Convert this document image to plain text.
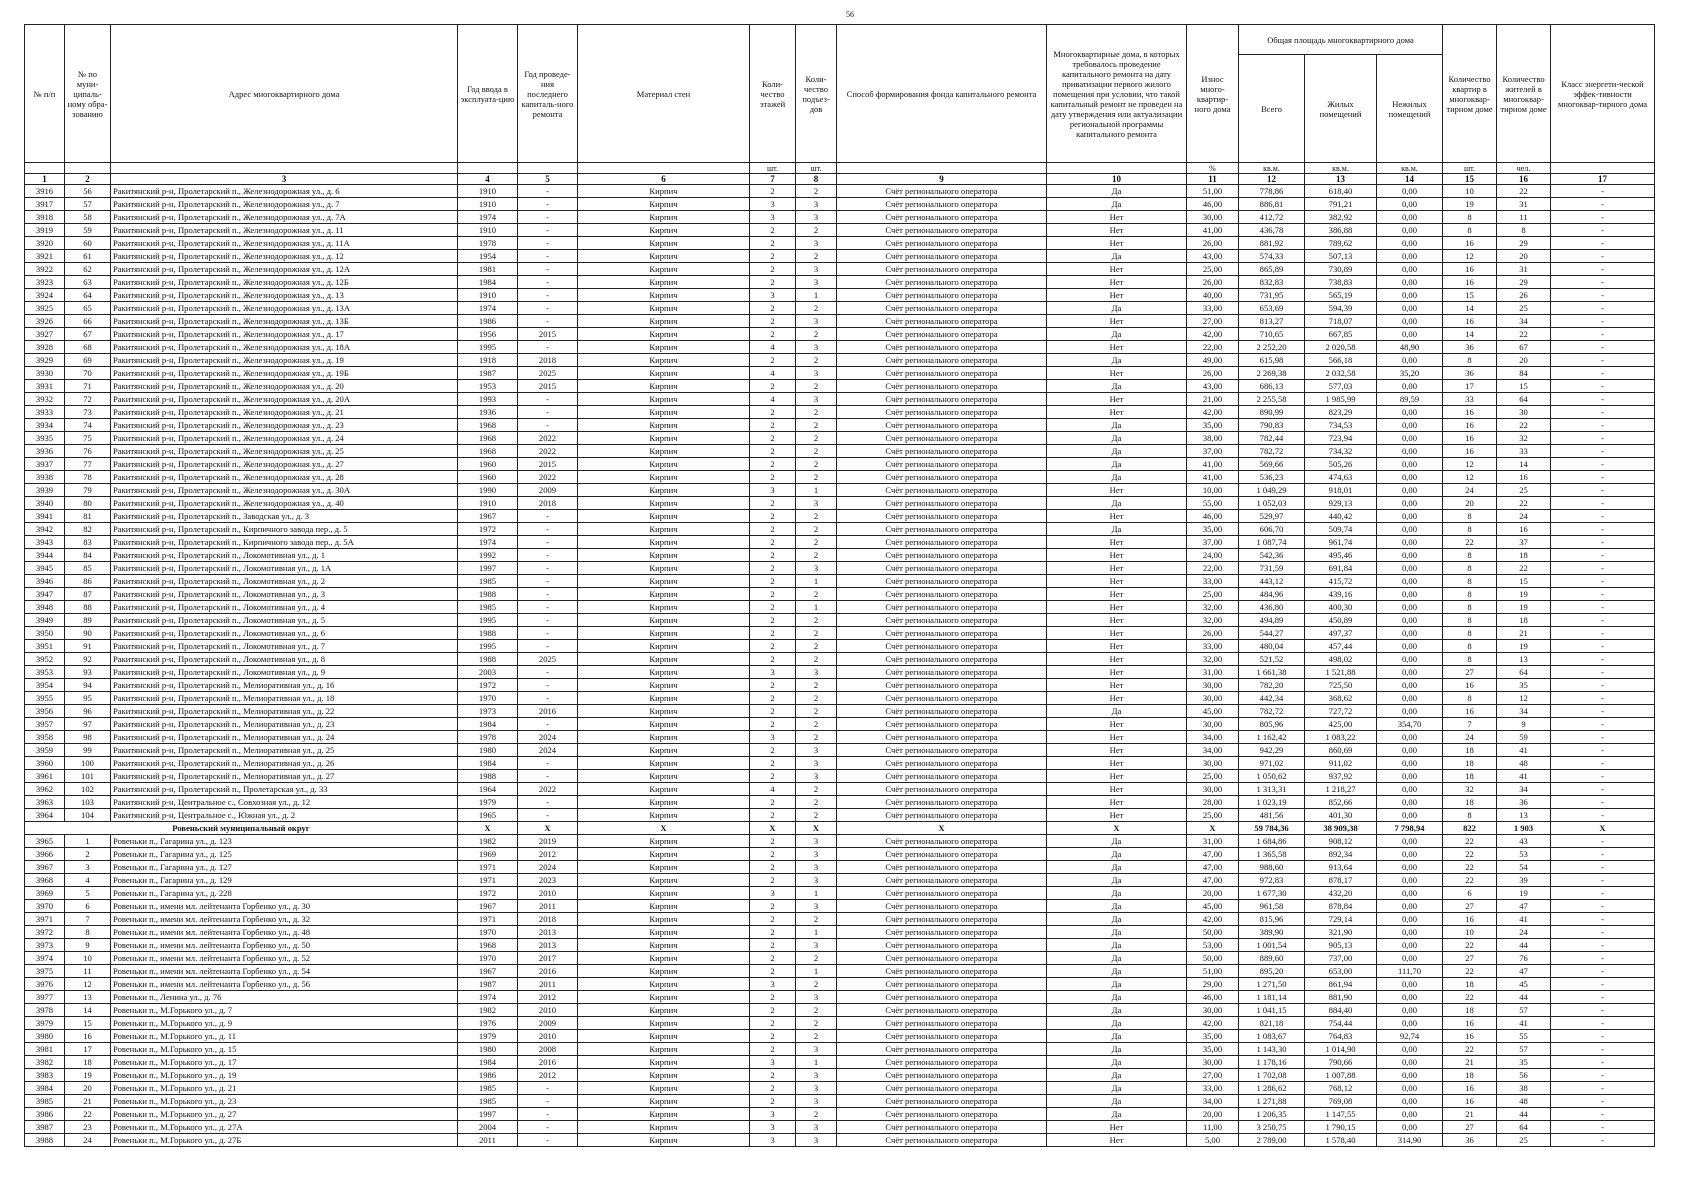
56
№ п/п	№ по муни-ципаль-ному обра-зованию	Адрес многоквартирного дома	Год ввода в эксплуата-цию	Год проведе-ния последнего капиталь-ного ремонта	Материал стен	Коли-чество этажей	Коли-чество подъез-дов	Способ формирования фонда капитального ремонта	Многоквартирные дома, в которых требовалось проведение капитального ремонта на дату приватизации первого жилого помещения при условии, что такой капитальный ремонт не проведен на дату утверждения или актуализации региональной программы капитального ремонта	Износ много-квартир-ного дома	Общая площадь многоквартирного дома			Количество квартир в многоквар-тирном доме	Количество жителей в многоквар-тирном доме	Класс энергети-ческой эффек-тивности многоквар-тирного дома
											Всего	Жилых помещений	Нежилых помещений			
						шт.	шт.			%	кв.м.	кв.м.	кв.м.	шт.	чел.	
1	2	3	4	5	6	7	8	9	10	11	12	13	14	15	16	17
3916	56	Ракитянский р-н, Пролетарский п., Железнодорожная ул., д. 6	1910	-	Кирпич	2	2	Счёт регионального оператора	Да	51,00	778,86	618,40	0,00	10	22	-
3917	57	Ракитянский р-н, Пролетарский п., Железнодорожная ул., д. 7	1910	-	Кирпич	3	3	Счёт регионального оператора	Да	46,00	886,81	791,21	0,00	19	31	-
3918	58	Ракитянский р-н, Пролетарский п., Железнодорожная ул., д. 7А	1974	-	Кирпич	3	3	Счёт регионального оператора	Нет	30,00	412,72	382,92	0,00	8	11	-
3919	59	Ракитянский р-н, Пролетарский п., Железнодорожная ул., д. 11	1910	-	Кирпич	2	2	Счёт регионального оператора	Нет	41,00	436,78	386,88	0,00	8	8	-
3920	60	Ракитянский р-н, Пролетарский п., Железнодорожная ул., д. 11А	1978	-	Кирпич	2	3	Счёт регионального оператора	Нет	26,00	881,92	789,62	0,00	16	29	-
3921	61	Ракитянский р-н, Пролетарский п., Железнодорожная ул., д. 12	1954	-	Кирпич	2	2	Счёт регионального оператора	Да	43,00	574,33	507,13	0,00	12	20	-
3922	62	Ракитянский р-н, Пролетарский п., Железнодорожная ул., д. 12А	1981	-	Кирпич	2	3	Счёт регионального оператора	Нет	25,00	865,89	730,89	0,00	16	31	-
3923	63	Ракитянский р-н, Пролетарский п., Железнодорожная ул., д. 12Б	1984	-	Кирпич	2	3	Счёт регионального оператора	Нет	26,00	832,83	738,83	0,00	16	29	-
3924	64	Ракитянский р-н, Пролетарский п., Железнодорожная ул., д. 13	1910	-	Кирпич	3	1	Счёт регионального оператора	Нет	40,00	731,95	565,19	0,00	15	26	-
3925	65	Ракитянский р-н, Пролетарский п., Железнодорожная ул., д. 13А	1974	-	Кирпич	2	2	Счёт регионального оператора	Да	33,00	653,69	594,39	0,00	14	25	-
3926	66	Ракитянский р-н, Пролетарский п., Железнодорожная ул., д. 13Б	1986	-	Кирпич	2	3	Счёт регионального оператора	Нет	27,00	813,27	718,07	0,00	16	34	-
3927	67	Ракитянский р-н, Пролетарский п., Железнодорожная ул., д. 17	1956	2015	Кирпич	2	2	Счёт регионального оператора	Да	42,00	710,65	667,85	0,00	14	22	-
3928	68	Ракитянский р-н, Пролетарский п., Железнодорожная ул., д. 18А	1995	-	Кирпич	4	3	Счёт регионального оператора	Нет	22,00	2 252,20	2 020,58	48,90	36	67	-
3929	69	Ракитянский р-н, Пролетарский п., Железнодорожная ул., д. 19	1918	2018	Кирпич	2	2	Счёт регионального оператора	Да	49,00	615,98	566,18	0,00	8	20	-
3930	70	Ракитянский р-н, Пролетарский п., Железнодорожная ул., д. 19Б	1987	2025	Кирпич	4	3	Счёт регионального оператора	Нет	26,00	2 269,38	2 032,58	35,20	36	84	-
3931	71	Ракитянский р-н, Пролетарский п., Железнодорожная ул., д. 20	1953	2015	Кирпич	2	2	Счёт регионального оператора	Да	43,00	686,13	577,03	0,00	17	15	-
3932	72	Ракитянский р-н, Пролетарский п., Железнодорожная ул., д. 20А	1993	-	Кирпич	4	3	Счёт регионального оператора	Нет	21,00	2 255,58	1 985,99	89,59	33	64	-
3933	73	Ракитянский р-н, Пролетарский п., Железнодорожная ул., д. 21	1936	-	Кирпич	2	2	Счёт регионального оператора	Нет	42,00	890,99	823,29	0,00	16	30	-
3934	74	Ракитянский р-н, Пролетарский п., Железнодорожная ул., д. 23	1968	-	Кирпич	2	2	Счёт регионального оператора	Да	35,00	790,83	734,53	0,00	16	22	-
3935	75	Ракитянский р-н, Пролетарский п., Железнодорожная ул., д. 24	1968	2022	Кирпич	2	2	Счёт регионального оператора	Да	38,00	782,44	723,94	0,00	16	32	-
3936	76	Ракитянский р-н, Пролетарский п., Железнодорожная ул., д. 25	1968	2022	Кирпич	2	2	Счёт регионального оператора	Да	37,00	782,72	734,32	0,00	16	33	-
3937	77	Ракитянский р-н, Пролетарский п., Железнодорожная ул., д. 27	1960	2015	Кирпич	2	2	Счёт регионального оператора	Да	41,00	569,66	505,26	0,00	12	14	-
3938	78	Ракитянский р-н, Пролетарский п., Железнодорожная ул., д. 28	1960	2022	Кирпич	2	2	Счёт регионального оператора	Да	41,00	536,23	474,63	0,00	12	16	-
3939	79	Ракитянский р-н, Пролетарский п., Железнодорожная ул., д. 30А	1990	2009	Кирпич	3	1	Счёт регионального оператора	Нет	10,00	1 049,29	918,01	0,00	24	25	-
3940	80	Ракитянский р-н, Пролетарский п., Железнодорожная ул., д. 40	1910	2018	Кирпич	2	3	Счёт регионального оператора	Да	55,00	1 052,03	929,13	0,00	20	22	-
3941	81	Ракитянский р-н, Пролетарский п., Заводская ул., д. 3	1967	-	Кирпич	2	2	Счёт регионального оператора	Нет	46,00	529,97	440,42	0,00	8	24	-
3942	82	Ракитянский р-н, Пролетарский п., Кирпичного завода пер., д. 5	1972	-	Кирпич	2	2	Счёт регионального оператора	Да	35,00	606,70	509,74	0,00	8	16	-
3943	83	Ракитянский р-н, Пролетарский п., Кирпичного завода пер., д. 5А	1974	-	Кирпич	2	2	Счёт регионального оператора	Нет	37,00	1 087,74	961,74	0,00	22	37	-
3944	84	Ракитянский р-н, Пролетарский п., Локомотивная ул., д. 1	1992	-	Кирпич	2	2	Счёт регионального оператора	Нет	24,00	542,36	495,46	0,00	8	18	-
3945	85	Ракитянский р-н, Пролетарский п., Локомотивная ул., д. 1А	1997	-	Кирпич	2	3	Счёт регионального оператора	Нет	22,00	731,59	691,84	0,00	8	22	-
3946	86	Ракитянский р-н, Пролетарский п., Локомотивная ул., д. 2	1985	-	Кирпич	2	1	Счёт регионального оператора	Нет	33,00	443,12	415,72	0,00	8	15	-
3947	87	Ракитянский р-н, Пролетарский п., Локомотивная ул., д. 3	1988	-	Кирпич	2	2	Счёт регионального оператора	Нет	25,00	484,96	439,16	0,00	8	19	-
3948	88	Ракитянский р-н, Пролетарский п., Локомотивная ул., д. 4	1985	-	Кирпич	2	1	Счёт регионального оператора	Нет	32,00	436,80	400,30	0,00	8	19	-
3949	89	Ракитянский р-н, Пролетарский п., Локомотивная ул., д. 5	1995	-	Кирпич	2	2	Счёт регионального оператора	Нет	32,00	494,89	450,89	0,00	8	18	-
3950	90	Ракитянский р-н, Пролетарский п., Локомотивная ул., д. 6	1988	-	Кирпич	2	2	Счёт регионального оператора	Нет	26,00	544,27	497,37	0,00	8	21	-
3951	91	Ракитянский р-н, Пролетарский п., Локомотивная ул., д. 7	1995	-	Кирпич	2	2	Счёт регионального оператора	Нет	33,00	480,04	457,44	0,00	8	19	-
3952	92	Ракитянский р-н, Пролетарский п., Локомотивная ул., д. 8	1988	2025	Кирпич	2	2	Счёт регионального оператора	Нет	32,00	521,52	498,02	0,00	8	13	-
3953	93	Ракитянский р-н, Пролетарский п., Локомотивная ул., д. 9	2003	-	Кирпич	3	3	Счёт регионального оператора	Нет	31,00	1 661,38	1 521,88	0,00	27	64	-
3954	94	Ракитянский р-н, Пролетарский п., Мелиоративная ул., д. 16	1972	-	Кирпич	2	2	Счёт регионального оператора	Нет	30,00	782,20	725,50	0,00	16	35	-
3955	95	Ракитянский р-н, Пролетарский п., Мелиоративная ул., д. 18	1970	-	Кирпич	2	2	Счёт регионального оператора	Нет	30,00	442,34	368,62	0,00	8	12	-
3956	96	Ракитянский р-н, Пролетарский п., Мелиоративная ул., д. 22	1973	2016	Кирпич	2	2	Счёт регионального оператора	Да	45,00	782,72	727,72	0,00	16	34	-
3957	97	Ракитянский р-н, Пролетарский п., Мелиоративная ул., д. 23	1984	-	Кирпич	2	2	Счёт регионального оператора	Нет	30,00	805,96	425,00	354,70	7	9	-
3958	98	Ракитянский р-н, Пролетарский п., Мелиоративная ул., д. 24	1978	2024	Кирпич	3	2	Счёт регионального оператора	Нет	34,00	1 162,42	1 083,22	0,00	24	59	-
3959	99	Ракитянский р-н, Пролетарский п., Мелиоративная ул., д. 25	1980	2024	Кирпич	2	3	Счёт регионального оператора	Нет	34,00	942,29	860,69	0,00	18	41	-
3960	100	Ракитянский р-н, Пролетарский п., Мелиоративная ул., д. 26	1984	-	Кирпич	2	3	Счёт регионального оператора	Нет	30,00	971,02	911,02	0,00	18	48	-
3961	101	Ракитянский р-н, Пролетарский п., Мелиоративная ул., д. 27	1988	-	Кирпич	2	3	Счёт регионального оператора	Нет	25,00	1 050,62	937,92	0,00	18	41	-
3962	102	Ракитянский р-н, Пролетарский п., Пролетарская ул., д. 33	1964	2022	Кирпич	4	2	Счёт регионального оператора	Нет	30,00	1 313,31	1 218,27	0,00	32	34	-
3963	103	Ракитянский р-н, Центральное с., Совхозная ул., д. 12	1979	-	Кирпич	2	2	Счёт регионального оператора	Нет	28,00	1 023,19	852,66	0,00	18	36	-
3964	104	Ракитянский р-н, Центральное с., Южная ул., д. 2	1965	-	Кирпич	2	2	Счёт регионального оператора	Нет	25,00	481,56	401,30	0,00	8	13	-
Ровеньский муниципальный округ			Х	Х	Х	Х	Х	Х	Х	Х	59 784,36	38 909,38	7 798,94	822	1 903	Х
3965	1	Ровеньки п., Гагарина ул., д. 123	1982	2019	Кирпич	2	3	Счёт регионального оператора	Да	31,00	1 684,86	908,12	0,00	22	43	-
3966	2	Ровеньки п., Гагарина ул., д. 125	1969	2012	Кирпич	2	3	Счёт регионального оператора	Да	47,00	1 365,58	892,34	0,00	22	53	-
3967	3	Ровеньки п., Гагарина ул., д. 127	1971	2024	Кирпич	2	3	Счёт регионального оператора	Да	47,00	988,60	913,64	0,00	22	54	-
3968	4	Ровеньки п., Гагарина ул., д. 129	1971	2023	Кирпич	2	3	Счёт регионального оператора	Да	47,00	972,83	878,17	0,00	22	39	-
3969	5	Ровеньки п., Гагарина ул., д. 228	1972	2010	Кирпич	3	1	Счёт регионального оператора	Да	20,00	1 677,30	432,20	0,00	6	19	-
3970	6	Ровеньки п., имени мл. лейтенанта Горбенко ул., д. 30	1967	2011	Кирпич	2	3	Счёт регионального оператора	Да	45,00	961,58	878,84	0,00	27	47	-
3971	7	Ровеньки п., имени мл. лейтенанта Горбенко ул., д. 32	1971	2018	Кирпич	2	2	Счёт регионального оператора	Да	42,00	815,96	729,14	0,00	16	41	-
3972	8	Ровеньки п., имени мл. лейтенанта Горбенко ул., д. 48	1970	2013	Кирпич	2	1	Счёт регионального оператора	Да	50,00	389,90	321,90	0,00	10	24	-
3973	9	Ровеньки п., имени мл. лейтенанта Горбенко ул., д. 50	1968	2013	Кирпич	2	3	Счёт регионального оператора	Да	53,00	1 001,54	905,13	0,00	22	44	-
3974	10	Ровеньки п., имени мл. лейтенанта Горбенко ул., д. 52	1970	2017	Кирпич	2	2	Счёт регионального оператора	Да	50,00	889,60	737,00	0,00	27	76	-
3975	11	Ровеньки п., имени мл. лейтенанта Горбенко ул., д. 54	1967	2016	Кирпич	2	1	Счёт регионального оператора	Да	51,00	895,20	653,00	111,70	22	47	-
3976	12	Ровеньки п., имени мл. лейтенанта Горбенко ул., д. 56	1987	2011	Кирпич	3	2	Счёт регионального оператора	Да	29,00	1 271,50	861,94	0,00	18	45	-
3977	13	Ровеньки п., Ленина ул., д. 76	1974	2012	Кирпич	2	3	Счёт регионального оператора	Да	46,00	1 181,14	881,90	0,00	22	44	-
3978	14	Ровеньки п., М.Горького ул., д. 7	1982	2010	Кирпич	2	2	Счёт регионального оператора	Да	30,00	1 041,15	884,40	0,00	18	57	-
3979	15	Ровеньки п., М.Горького ул., д. 9	1976	2009	Кирпич	2	2	Счёт регионального оператора	Да	42,00	821,18	754,44	0,00	16	41	-
3980	16	Ровеньки п., М.Горького ул., д. 11	1979	2010	Кирпич	2	2	Счёт регионального оператора	Да	35,00	1 083,67	764,83	92,74	16	55	-
3981	17	Ровеньки п., М.Горького ул., д. 15	1980	2008	Кирпич	2	3	Счёт регионального оператора	Да	35,00	1 143,30	1 014,90	0,00	22	57	-
3982	18	Ровеньки п., М.Горького ул., д. 17	1984	2016	Кирпич	3	1	Счёт регионального оператора	Да	30,00	1 178,16	790,66	0,00	21	35	-
3983	19	Ровеньки п., М.Горького ул., д. 19	1986	2012	Кирпич	2	3	Счёт регионального оператора	Да	27,00	1 702,08	1 007,88	0,00	18	56	-
3984	20	Ровеньки п., М.Горького ул., д. 21	1985	-	Кирпич	2	3	Счёт регионального оператора	Да	33,00	1 286,62	768,12	0,00	16	38	-
3985	21	Ровеньки п., М.Горького ул., д. 23	1985	-	Кирпич	2	3	Счёт регионального оператора	Да	34,00	1 271,88	769,08	0,00	16	48	-
3986	22	Ровеньки п., М.Горького ул., д. 27	1997	-	Кирпич	3	2	Счёт регионального оператора	Да	20,00	1 206,35	1 147,55	0,00	21	44	-
3987	23	Ровеньки п., М.Горького ул., д. 27А	2004	-	Кирпич	3	3	Счёт регионального оператора	Нет	11,00	3 250,75	1 790,15	0,00	27	64	-
3988	24	Ровеньки п., М.Горького ул., д. 27Б	2011	-	Кирпич	3	3	Счёт регионального оператора	Нет	5,00	2 789,00	1 578,40	314,90	36	25	-
